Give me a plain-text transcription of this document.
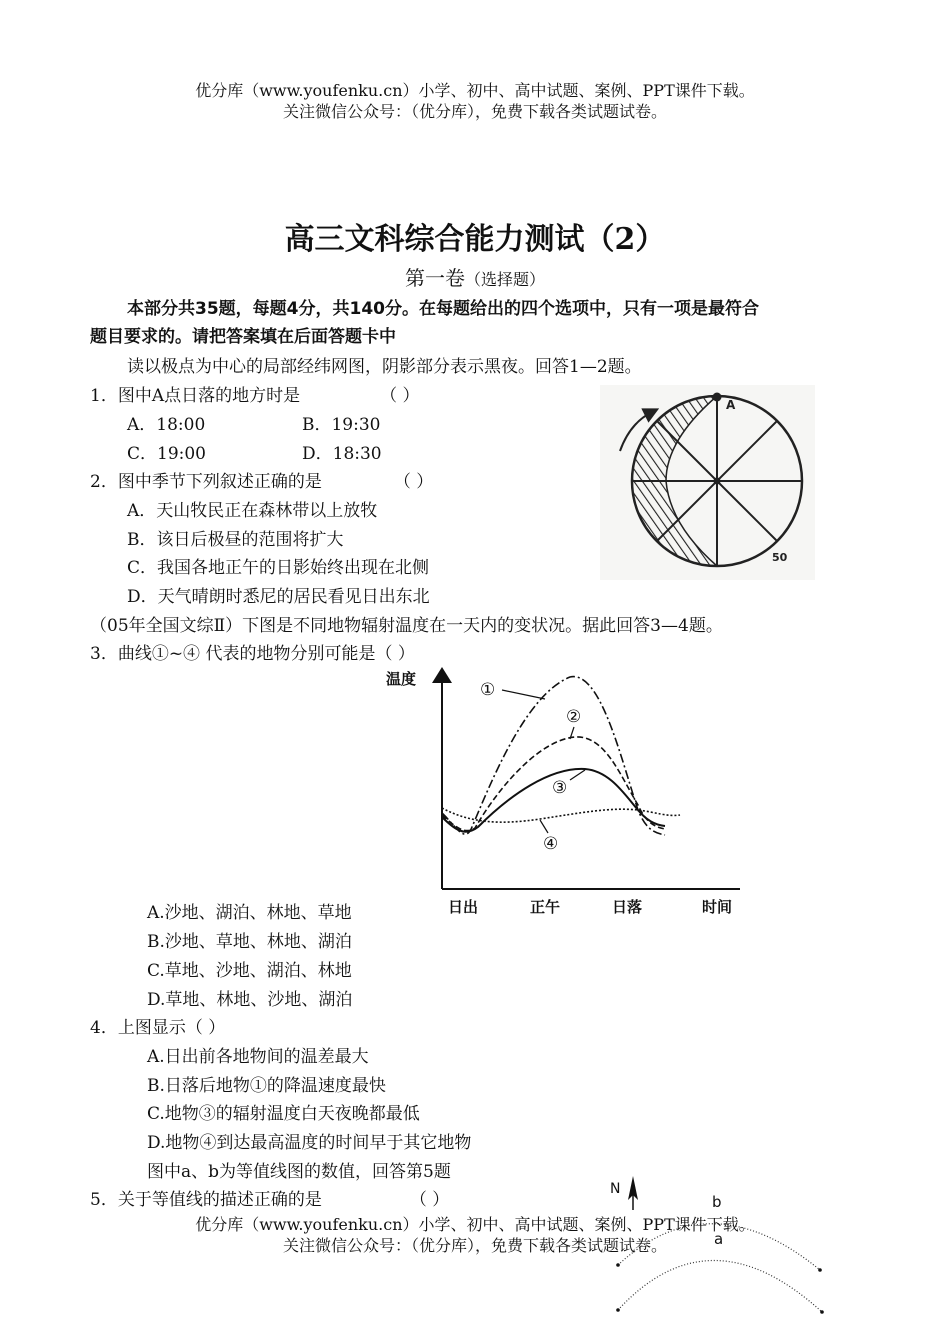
优分库（www.youfenku.cn）小学、初中、高中试题、案例、PPT课件下载。
关注微信公众号：（优分库），免费下载各类试题试卷。
高三文科综合能力测试（2）
第一卷（选择题）
本部分共35题，每题4分，共140分。在每题给出的四个选项中，只有一项是最符合
题目要求的。请把答案填在后面答题卡中
读以极点为中心的局部经纬网图，阴影部分表示黑夜。回答1—2题。
1．图中A点日落的地方时是	（ ）
A．18:00	B．19:30
C．19:00	D．18:30
2．图中季节下列叙述正确的是	（ ）
A．天山牧民正在森林带以上放牧
B．该日后极昼的范围将扩大
C．我国各地正午的日影始终出现在北侧
D．天气晴朗时悉尼的居民看见日出东北
A
50
（05年全国文综Ⅱ）下图是不同地物辐射温度在一天内的变状况。据此回答3—4题。
3．曲线①~④ 代表的地物分别可能是（ ）
温度
①
②
③
④
日出	正午	日落	时间
A.沙地、湖泊、林地、草地
B.沙地、草地、林地、湖泊
C.草地、沙地、湖泊、林地
D.草地、林地、沙地、湖泊
4．上图显示（ ）
A.日出前各地物间的温差最大
B.日落后地物①的降温速度最快
C.地物③的辐射温度白天夜晚都最低
D.地物④到达最高温度的时间早于其它地物
图中a、b为等值线图的数值，回答第5题
5．关于等值线的描述正确的是	（ ）
N
b
a
优分库（www.youfenku.cn）小学、初中、高中试题、案例、PPT课件下载。
关注微信公众号：（优分库），免费下载各类试题试卷。
